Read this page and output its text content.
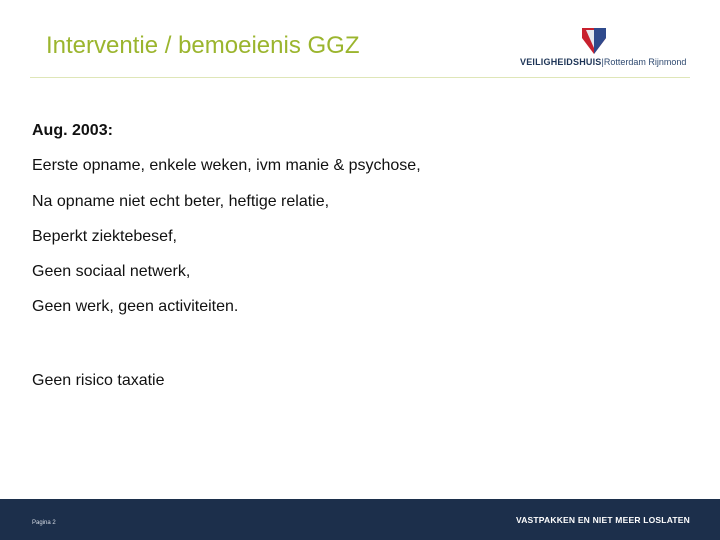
Interventie / bemoeienis GGZ
VEILIGHEIDSHUIS|Rotterdam Rijnmond
Aug. 2003:
Eerste opname, enkele weken, ivm manie & psychose,
Na opname niet echt beter, heftige relatie,
Beperkt ziektebesef,
Geen sociaal netwerk,
Geen werk, geen activiteiten.
Geen risico taxatie
Pagina 2	VASTPAKKEN EN NIET MEER LOSLATEN
